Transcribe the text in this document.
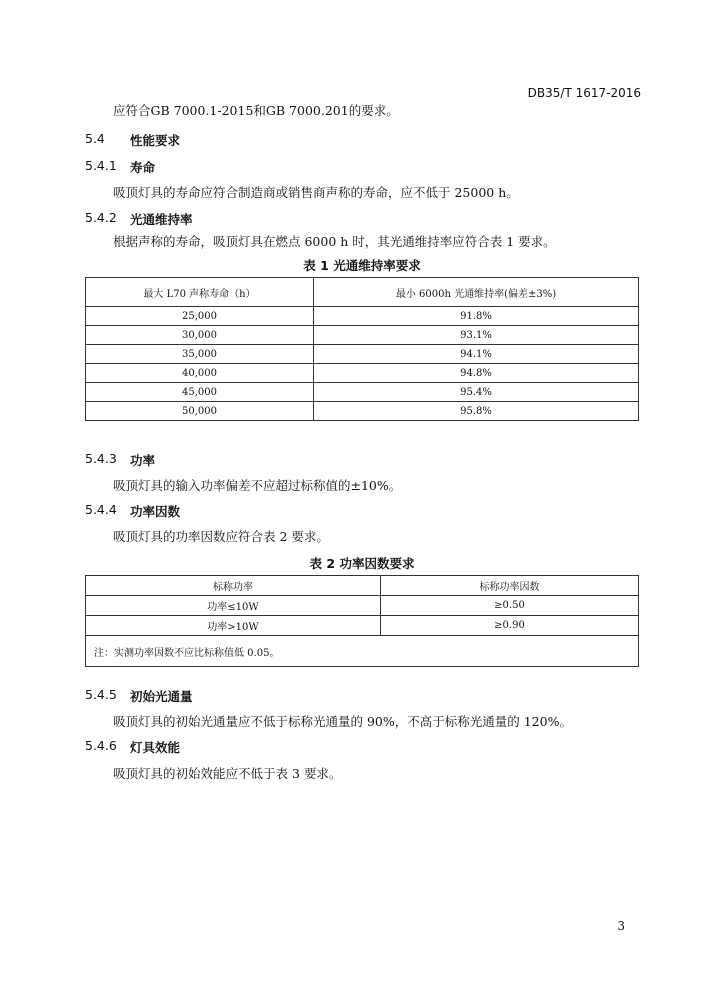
DB35/T 1617-2016
应符合GB 7000.1-2015和GB 7000.201的要求。
5.4 性能要求
5.4.1 寿命
吸顶灯具的寿命应符合制造商或销售商声称的寿命，应不低于 25000 h。
5.4.2 光通维持率
根据声称的寿命，吸顶灯具在燃点 6000 h 时，其光通维持率应符合表 1 要求。
表 1 光通维持率要求
最大 L70 声称寿命（h）	最小 6000h 光通维持率(偏差±3%)
25,000	91.8%
30,000	93.1%
35,000	94.1%
40,000	94.8%
45,000	95.4%
50,000	95.8%
5.4.3 功率
吸顶灯具的输入功率偏差不应超过标称值的±10%。
5.4.4 功率因数
吸顶灯具的功率因数应符合表 2 要求。
表 2 功率因数要求
标称功率	标称功率因数
功率≤10W	≥0.50
功率>10W	≥0.90
注：实测功率因数不应比标称值低 0.05。	
5.4.5 初始光通量
吸顶灯具的初始光通量应不低于标称光通量的 90%，不高于标称光通量的 120%。
5.4.6 灯具效能
吸顶灯具的初始效能应不低于表 3 要求。
3
